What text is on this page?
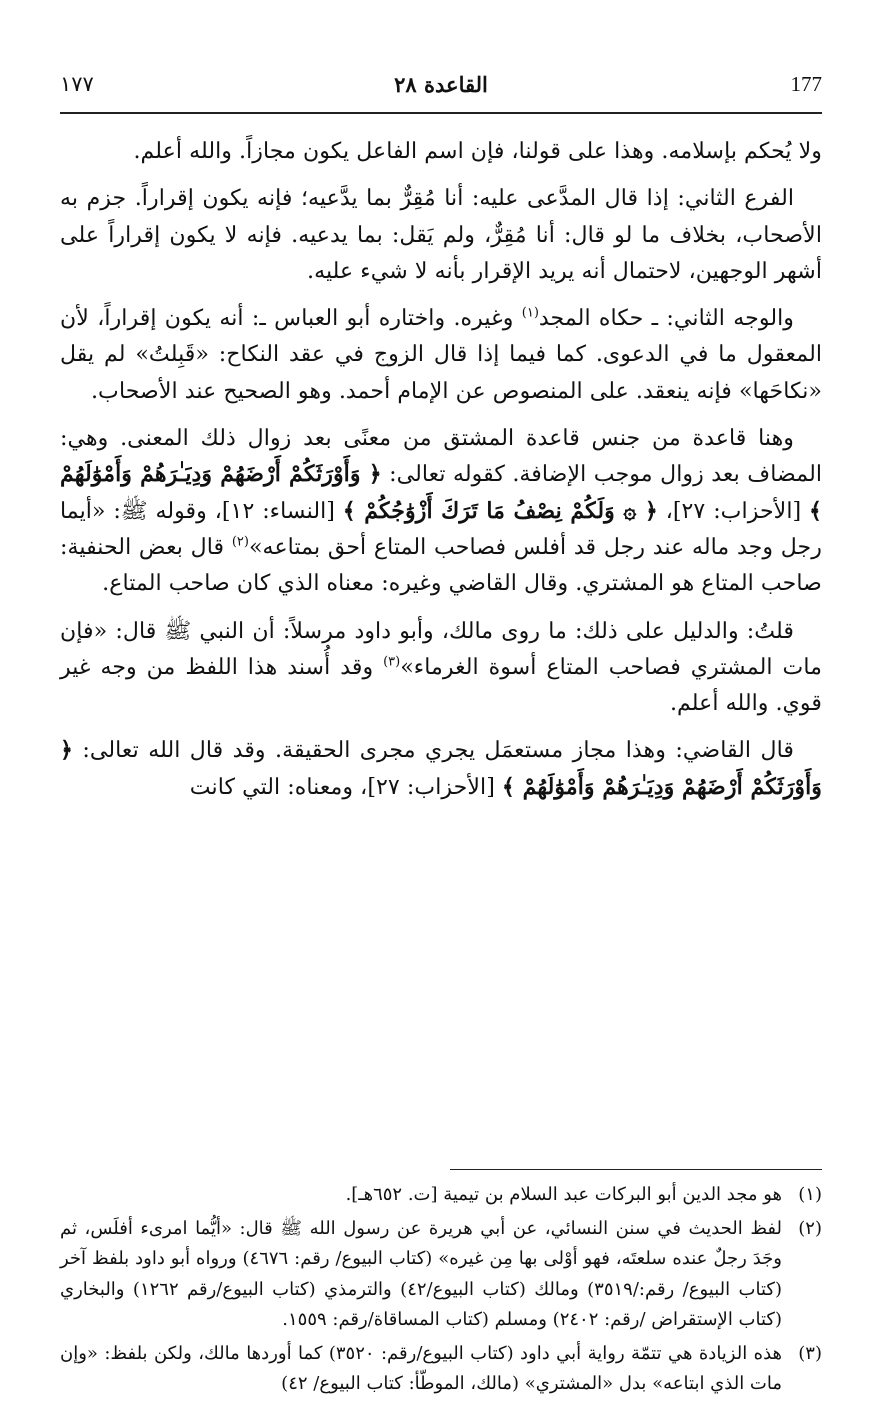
177
القاعدة ٢٨
١٧٧

ولا يُحكم بإسلامه. وهذا على قولنا، فإن اسم الفاعل يكون مجازاً. والله أعلم.

الفرع الثاني: إذا قال المدَّعى عليه: أنا مُقِرٌّ بما يدَّعيه؛ فإنه يكون إقراراً. جزم به الأصحاب، بخلاف ما لو قال: أنا مُقِرٌّ، ولم يَقل: بما يدعيه. فإنه لا يكون إقراراً على أشهر الوجهين، لاحتمال أنه يريد الإقرار بأنه لا شيء عليه.

والوجه الثاني: ـ حكاه المجد$^{(١)}$ وغيره. واختاره أبو العباس ـ: أنه يكون إقراراً، لأن المعقول ما في الدعوى. كما فيما إذا قال الزوج في عقد النكاح: «قَبِلتُ» لم يقل «نكاحَها» فإنه ينعقد. على المنصوص عن الإمام أحمد. وهو الصحيح عند الأصحاب.

وهنا قاعدة من جنس قاعدة المشتق من معنًى بعد زوال ذلك المعنى. وهي: المضاف بعد زوال موجب الإضافة. كقوله تعالى: ﴿ وَأَوْرَثَكُمْ أَرْضَهُمْ وَدِيَـٰرَهُمْ وَأَمْوَٰلَهُمْ ﴾ [الأحزاب: ٢٧]، ﴿ ۞ وَلَكُمْ نِصْفُ مَا تَرَكَ أَزْوَٰجُكُمْ ﴾ [النساء: ١٢]، وقوله ﷺ: «أيما رجل وجد ماله عند رجل قد أفلس فصاحب المتاع أحق بمتاعه»$^{(٢)}$ قال بعض الحنفية: صاحب المتاع هو المشتري. وقال القاضي وغيره: معناه الذي كان صاحب المتاع.

قلتُ: والدليل على ذلك: ما روى مالك، وأبو داود مرسلاً: أن النبي ﷺ قال: «فإن مات المشتري فصاحب المتاع أسوة الغرماء»$^{(٣)}$ وقد أُسند هذا اللفظ من وجه غير قوي. والله أعلم.

قال القاضي: وهذا مجاز مستعمَل يجري مجرى الحقيقة. وقد قال الله تعالى: ﴿ وَأَوْرَثَكُمْ أَرْضَهُمْ وَدِيَـٰرَهُمْ وَأَمْوَٰلَهُمْ ﴾ [الأحزاب: ٢٧]، ومعناه: التي كانت

(١)
هو مجد الدين أبو البركات عبد السلام بن تيمية [ت. ٦٥٢هـ].
(٢)
لفظ الحديث في سنن النسائي، عن أبي هريرة عن رسول الله ﷺ قال: «أيُّما امرىء أفلَس، ثم وجَدَ رجلٌ عنده سلعتَه، فهو أوْلى بها مِن غيره» (كتاب البيوع/ رقم: ٤٦٧٦) ورواه أبو داود بلفظ آخر (كتاب البيوع/ رقم:/٣٥١٩) ومالك (كتاب البيوع/٤٢) والترمذي (كتاب البيوع/رقم ١٢٦٢) والبخاري (كتاب الإستقراض /رقم: ٢٤٠٢) ومسلم (كتاب المساقاة/رقم: ١٥٥٩.
(٣)
هذه الزيادة هي تتمّة رواية أبي داود (كتاب البيوع/رقم: ٣٥٢٠) كما أوردها مالك، ولكن بلفظ: «وإن مات الذي ابتاعه» بدل «المشتري» (مالك، الموطّأ: كتاب البيوع/ ٤٢)
